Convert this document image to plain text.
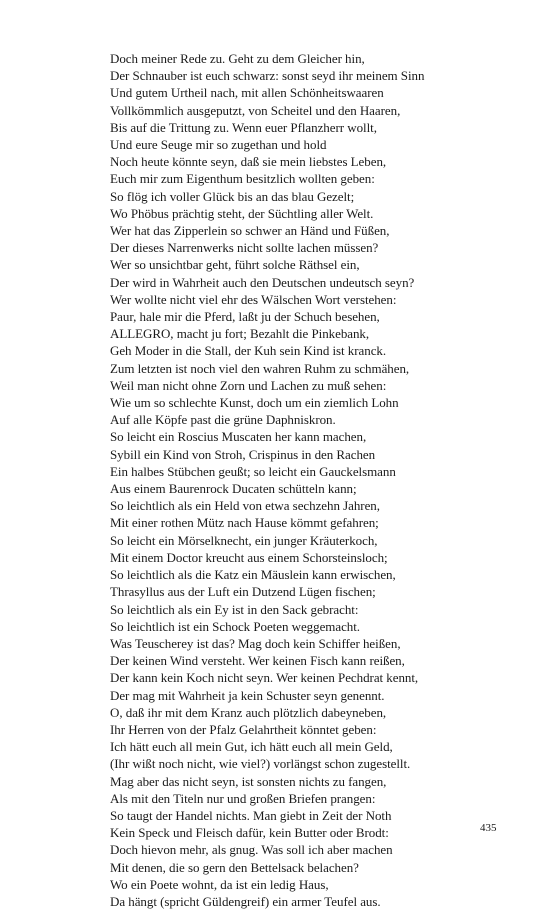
Doch meiner Rede zu. Geht zu dem Gleicher hin,
Der Schnauber ist euch schwarz: sonst seyd ihr meinem Sinn
Und gutem Urtheil nach, mit allen Schönheitswaaren
Vollkömmlich ausgeputzt, von Scheitel und den Haaren,
Bis auf die Trittung zu. Wenn euer Pflanzherr wollt,
Und eure Seuge mir so zugethan und hold
Noch heute könnte seyn, daß sie mein liebstes Leben,
Euch mir zum Eigenthum besitzlich wollten geben:
So flög ich voller Glück bis an das blau Gezelt;
Wo Phöbus prächtig steht, der Süchtling aller Welt.
Wer hat das Zipperlein so schwer an Händ und Füßen,
Der dieses Narrenwerks nicht sollte lachen müssen?
Wer so unsichtbar geht, führt solche Räthsel ein,
Der wird in Wahrheit auch den Deutschen undeutsch seyn?
Wer wollte nicht viel ehr des Wälschen Wort verstehen:
Paur, hale mir die Pferd, laßt ju der Schuch besehen,
ALLEGRO, macht ju fort; Bezahlt die Pinkebank,
Geh Moder in die Stall, der Kuh sein Kind ist kranck.
Zum letzten ist noch viel den wahren Ruhm zu schmähen,
Weil man nicht ohne Zorn und Lachen zu muß sehen:
Wie um so schlechte Kunst, doch um ein ziemlich Lohn
Auf alle Köpfe past die grüne Daphniskron.
So leicht ein Roscius Muscaten her kann machen,
Sybill ein Kind von Stroh, Crispinus in den Rachen
Ein halbes Stübchen geußt; so leicht ein Gauckelsmann
Aus einem Baurenrock Ducaten schütteln kann;
So leichtlich als ein Held von etwa sechzehn Jahren,
Mit einer rothen Mütz nach Hause kömmt gefahren;
So leicht ein Mörselknecht, ein junger Kräuterkoch,
Mit einem Doctor kreucht aus einem Schorsteinsloch;
So leichtlich als die Katz ein Mäuslein kann erwischen,
Thrasyllus aus der Luft ein Dutzend Lügen fischen;
So leichtlich als ein Ey ist in den Sack gebracht:
So leichtlich ist ein Schock Poeten weggemacht.
Was Teuscherey ist das? Mag doch kein Schiffer heißen,
Der keinen Wind versteht. Wer keinen Fisch kann reißen,
Der kann kein Koch nicht seyn. Wer keinen Pechdrat kennt,
Der mag mit Wahrheit ja kein Schuster seyn genennt.
O, daß ihr mit dem Kranz auch plötzlich dabeyneben,
Ihr Herren von der Pfalz Gelahrtheit könntet geben:
Ich hätt euch all mein Gut, ich hätt euch all mein Geld,
(Ihr wißt noch nicht, wie viel?) vorlängst schon zugestellt.
Mag aber das nicht seyn, ist sonsten nichts zu fangen,
Als mit den Titeln nur und großen Briefen prangen:
So taugt der Handel nichts. Man giebt in Zeit der Noth
Kein Speck und Fleisch dafür, kein Butter oder Brodt:
Doch hievon mehr, als gnug. Was soll ich aber machen
Mit denen, die so gern den Bettelsack belachen?
Wo ein Poete wohnt, da ist ein ledig Haus,
Da hängt (spricht Güldengreif) ein armer Teufel aus.
435
